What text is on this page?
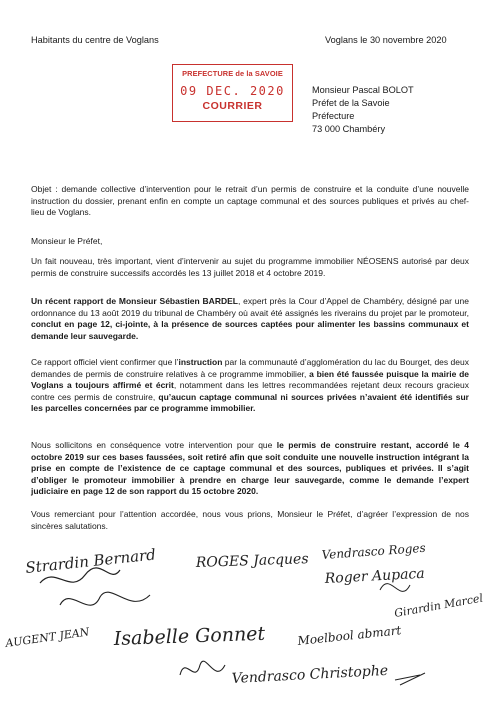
Habitants du centre de Voglans	Voglans le 30 novembre 2020
PREFECTURE de la SAVOIE
09 DEC. 2020
COURRIER
Monsieur Pascal BOLOT
Préfet de la Savoie
Préfecture
73 000 Chambéry
Objet : demande collective d’intervention pour le retrait d’un permis de construire et la conduite d’une nouvelle instruction du dossier, prenant enfin en compte un captage communal et des sources publiques et privés au chef-lieu de Voglans.
Monsieur le Préfet,
Un fait nouveau, très important, vient d’intervenir au sujet du programme immobilier NÉOSENS autorisé par deux permis de construire successifs accordés les 13 juillet 2018 et 4 octobre 2019.
Un récent rapport de Monsieur Sébastien BARDEL, expert près la Cour d’Appel de Chambéry, désigné par une ordonnance du 13 août 2019 du tribunal de Chambéry où avait été assignés les riverains du projet par le promoteur, conclut en page 12, ci-jointe, à la présence de sources captées pour alimenter les bassins communaux et demande leur sauvegarde.
Ce rapport officiel vient confirmer que l’instruction par la communauté d’agglomération du lac du Bourget, des deux demandes de permis de construire relatives à ce programme immobilier, a bien été faussée puisque la mairie de Voglans a toujours affirmé et écrit, notamment dans les lettres recommandées rejetant deux recours gracieux contre ces permis de construire, qu’aucun captage communal ni sources privées n’avaient été identifiés sur les parcelles concernées par ce programme immobilier.
Nous sollicitons en conséquence votre intervention pour que le permis de construire restant, accordé le 4 octobre 2019 sur ces bases faussées, soit retiré afin que soit conduite une nouvelle instruction intégrant la prise en compte de l’existence de ce captage communal et des sources, publiques et privées. Il s’agit d’obliger le promoteur immobilier à prendre en charge leur sauvegarde, comme le demande l’expert judiciaire en page 12 de son rapport du 15 octobre 2020.
Vous remerciant pour l’attention accordée, nous vous prions, Monsieur le Préfet, d’agréer l’expression de nos sincères salutations.
Strardin Bernard	ROGES Jacques Vendrasco Roges
Roger Aupaca
Girardin Marcel
Isabelle Gonnet	Moelbool abmart
Vendrasco Christophe
AUGENT JEAN
